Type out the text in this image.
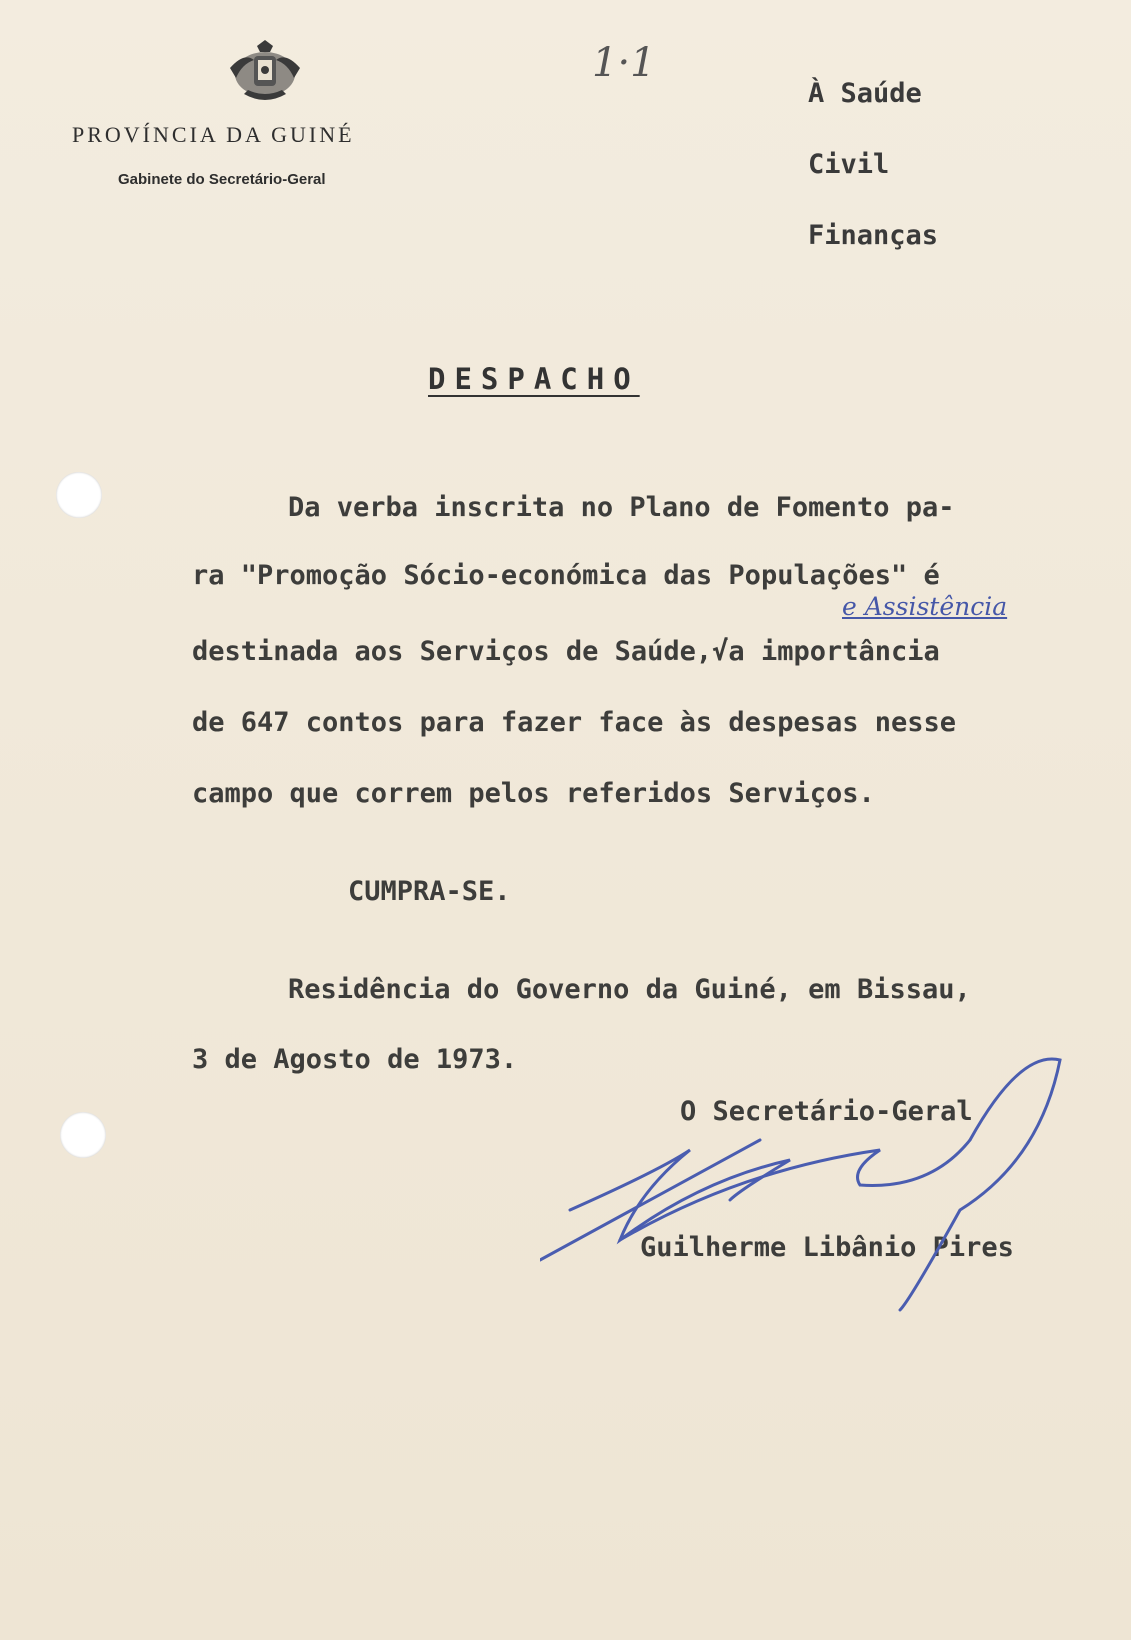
PROVÍNCIA DA GUINÉ
Gabinete do Secretário-Geral
1·1
À Saúde
Civil
Finanças
DESPACHO
Da verba inscrita no Plano de Fomento pa-
ra "Promoção Sócio-económica das Populações" é
e Assistência
destinada aos Serviços de Saúde,√a importância
de 647 contos para fazer face às despesas nesse
campo que correm pelos referidos Serviços.
CUMPRA-SE.
Residência do Governo da Guiné, em Bissau,
3 de Agosto de 1973.
O Secretário-Geral
Guilherme Libânio Pires
